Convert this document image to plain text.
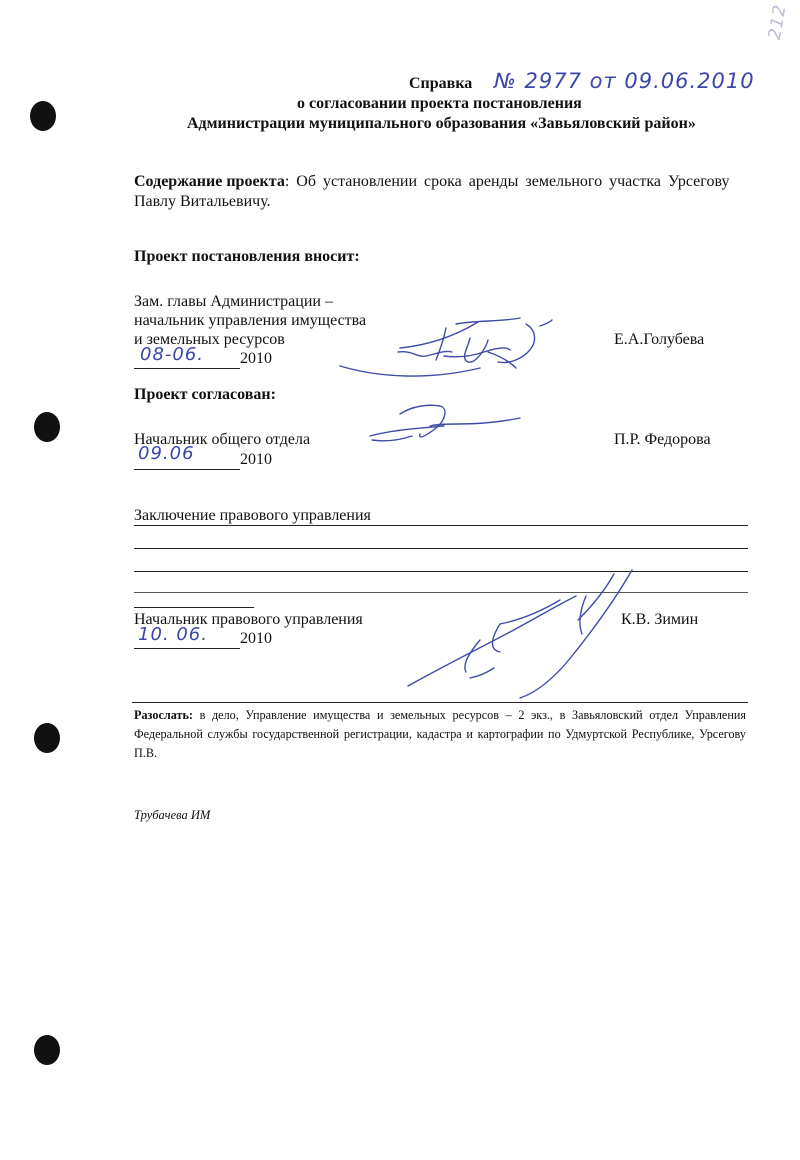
212
Справка № 2977 от 09.06.2010
о согласовании проекта постановления
Администрации муниципального образования «Завьяловский район»
Содержание проекта: Об установлении срока аренды земельного участка Урсегову
Павлу Витальевичу.
Проект постановления вносит:
Зам. главы Администрации –
начальник управления имущества
и земельных ресурсов
08-06. 2010
Е.А.Голубева
Проект согласован:
Начальник общего отдела
09.06	2010
П.Р. Федорова
Заключение правового управления
Начальник правового управления
10. 06. 2010
К.В. Зимин
Разослать: в дело, Управление имущества и земельных ресурсов – 2 экз., в Завьяловский отдел Управления Федеральной службы государственной регистрации, кадастра и картографии по Удмуртской Республике, Урсегову П.В.
Трубачева ИМ
